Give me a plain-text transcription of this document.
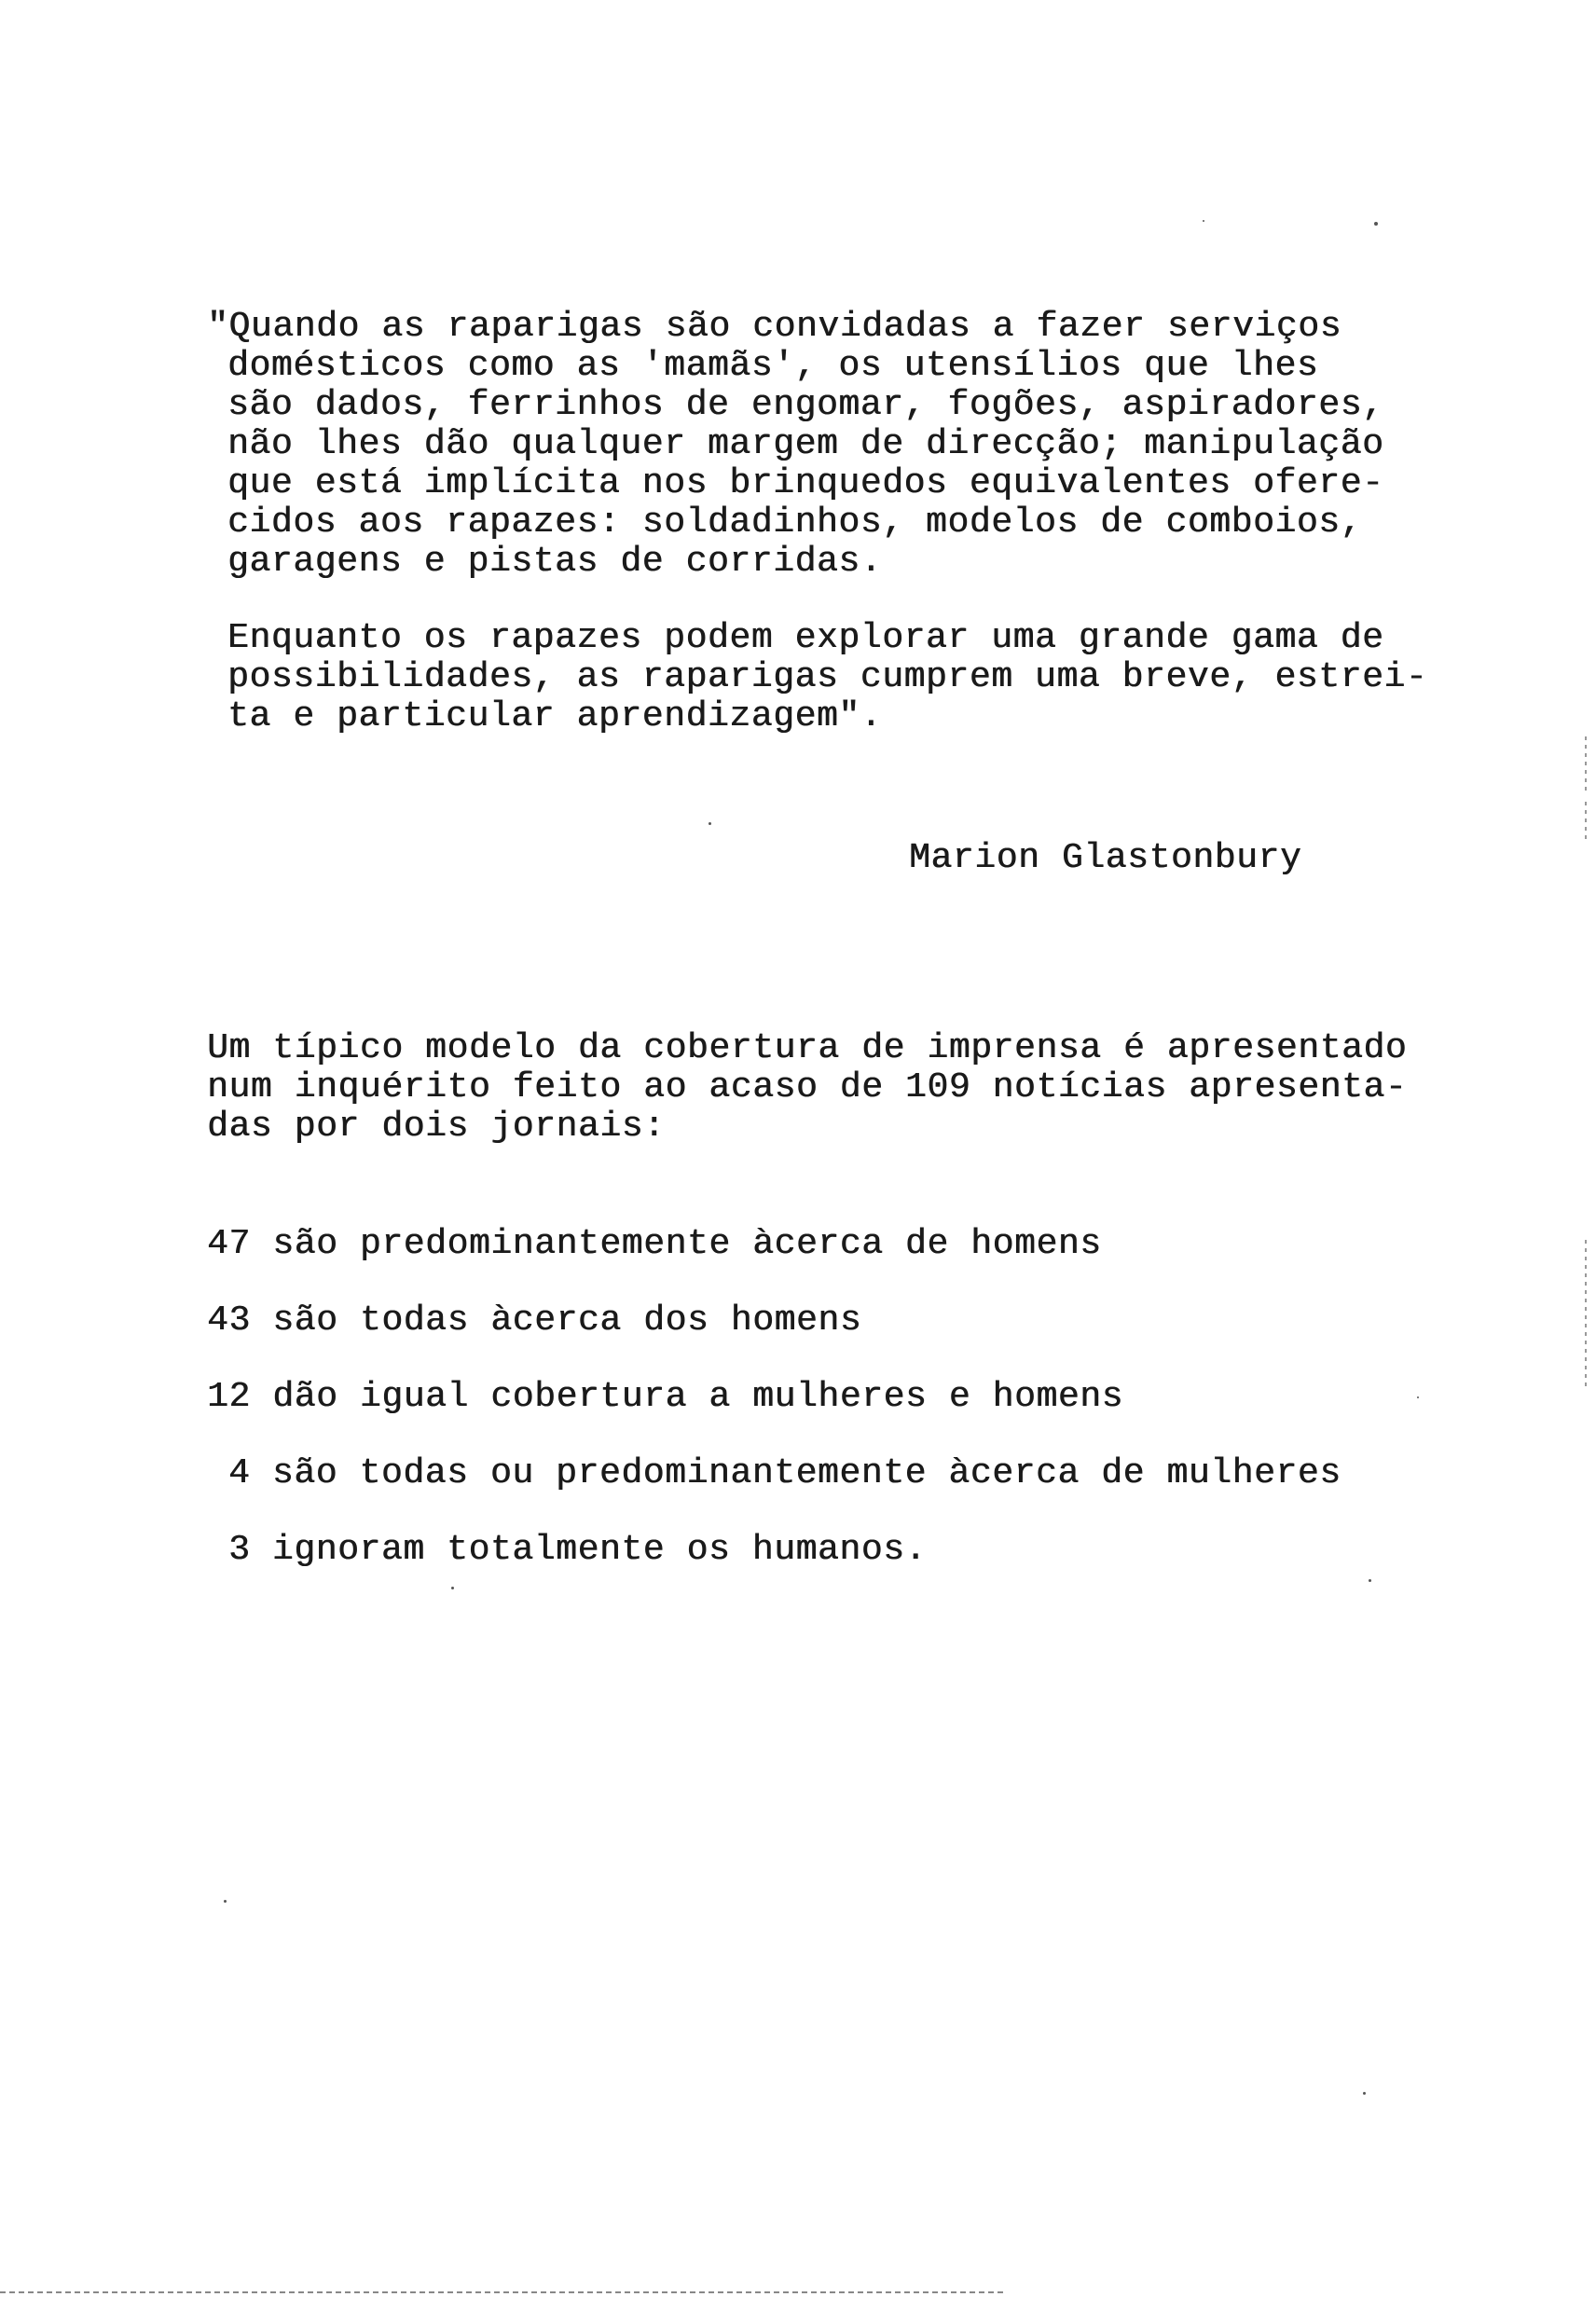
"Quando as raparigas são convidadas a fazer serviços
domésticos como as 'mamãs', os utensílios que lhes
são dados, ferrinhos de engomar, fogões, aspiradores,
não lhes dão qualquer margem de direcção; manipulação
que está implícita nos brinquedos equivalentes ofere-
cidos aos rapazes: soldadinhos, modelos de comboios,
garagens e pistas de corridas.
Enquanto os rapazes podem explorar uma grande gama de
possibilidades, as raparigas cumprem uma breve, estrei-
ta e particular aprendizagem".
Marion Glastonbury
Um típico modelo da cobertura de imprensa é apresentado
num inquérito feito ao acaso de 109 notícias apresenta-
das por dois jornais:
47 são predominantemente àcerca de homens
43 são todas àcerca dos homens
12 dão igual cobertura a mulheres e homens
4 são todas ou predominantemente àcerca de mulheres
3 ignoram totalmente os humanos.
